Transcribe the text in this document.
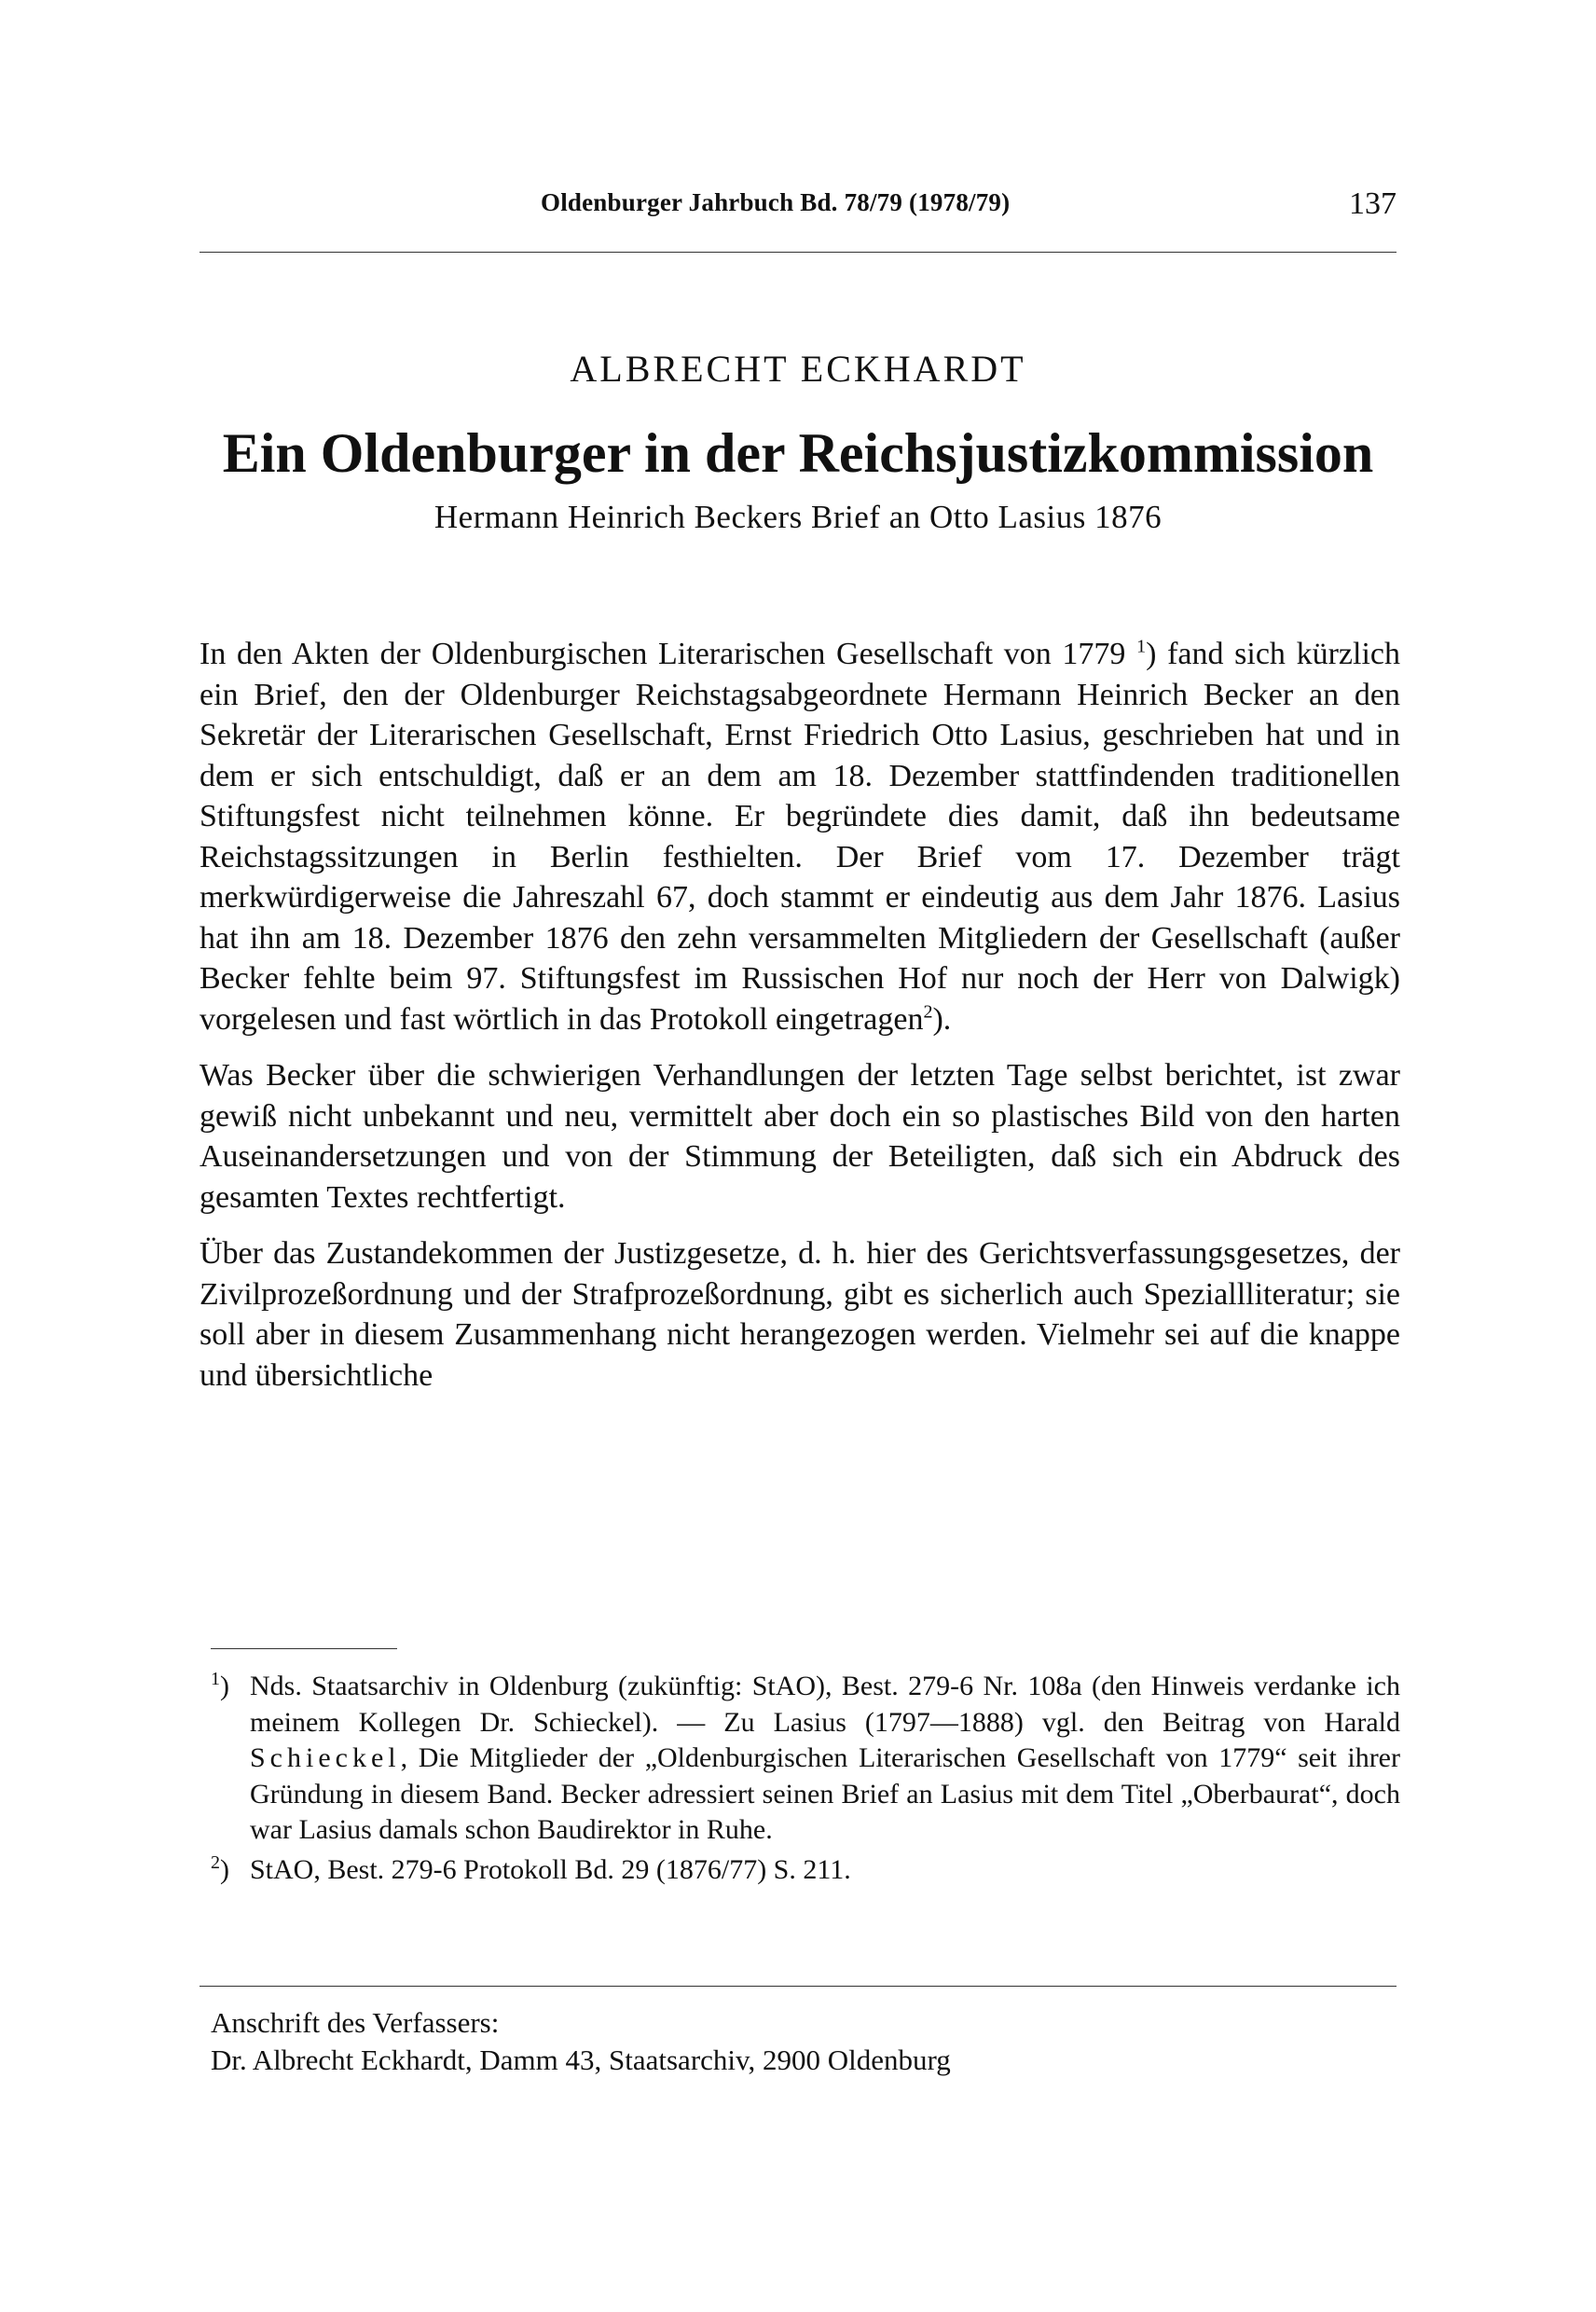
Oldenburger Jahrbuch Bd. 78/79 (1978/79)	137
ALBRECHT ECKHARDT
Ein Oldenburger in der Reichsjustizkommission
Hermann Heinrich Beckers Brief an Otto Lasius 1876

In den Akten der Oldenburgischen Literarischen Gesellschaft von 1779 $^1$) fand sich kürzlich ein Brief, den der Oldenburger Reichstagsabgeordnete Hermann Heinrich Becker an den Sekretär der Literarischen Gesellschaft, Ernst Friedrich Otto Lasius, geschrieben hat und in dem er sich entschuldigt, daß er an dem am 18. Dezember stattfindenden traditionellen Stiftungsfest nicht teilnehmen könne. Er begründete dies damit, daß ihn bedeutsame Reichstagssitzungen in Berlin festhielten. Der Brief vom 17. Dezember trägt merkwürdigerweise die Jahreszahl 67, doch stammt er eindeutig aus dem Jahr 1876. Lasius hat ihn am 18. Dezember 1876 den zehn versammelten Mitgliedern der Gesellschaft (außer Becker fehlte beim 97. Stiftungsfest im Russischen Hof nur noch der Herr von Dalwigk) vorgelesen und fast wörtlich in das Protokoll eingetragen$^2$).

Was Becker über die schwierigen Verhandlungen der letzten Tage selbst berichtet, ist zwar gewiß nicht unbekannt und neu, vermittelt aber doch ein so plastisches Bild von den harten Auseinandersetzungen und von der Stimmung der Beteiligten, daß sich ein Abdruck des gesamten Textes rechtfertigt.

Über das Zustandekommen der Justizgesetze, d. h. hier des Gerichtsverfassungsgesetzes, der Zivilprozeßordnung und der Strafprozeßordnung, gibt es sicherlich auch Speziallliteratur; sie soll aber in diesem Zusammenhang nicht herangezogen werden. Vielmehr sei auf die knappe und übersichtliche

$^1$) Nds. Staatsarchiv in Oldenburg (zukünftig: StAO), Best. 279-6 Nr. 108a (den Hinweis verdanke ich meinem Kollegen Dr. Schieckel). — Zu Lasius (1797—1888) vgl. den Beitrag von Harald Schieckel, Die Mitglieder der „Oldenburgischen Literarischen Gesellschaft von 1779“ seit ihrer Gründung in diesem Band. Becker adressiert seinen Brief an Lasius mit dem Titel „Oberbaurat“, doch war Lasius damals schon Baudirektor in Ruhe.
$^2$) StAO, Best. 279-6 Protokoll Bd. 29 (1876/77) S. 211.
Anschrift des Verfassers:
Dr. Albrecht Eckhardt, Damm 43, Staatsarchiv, 2900 Oldenburg
